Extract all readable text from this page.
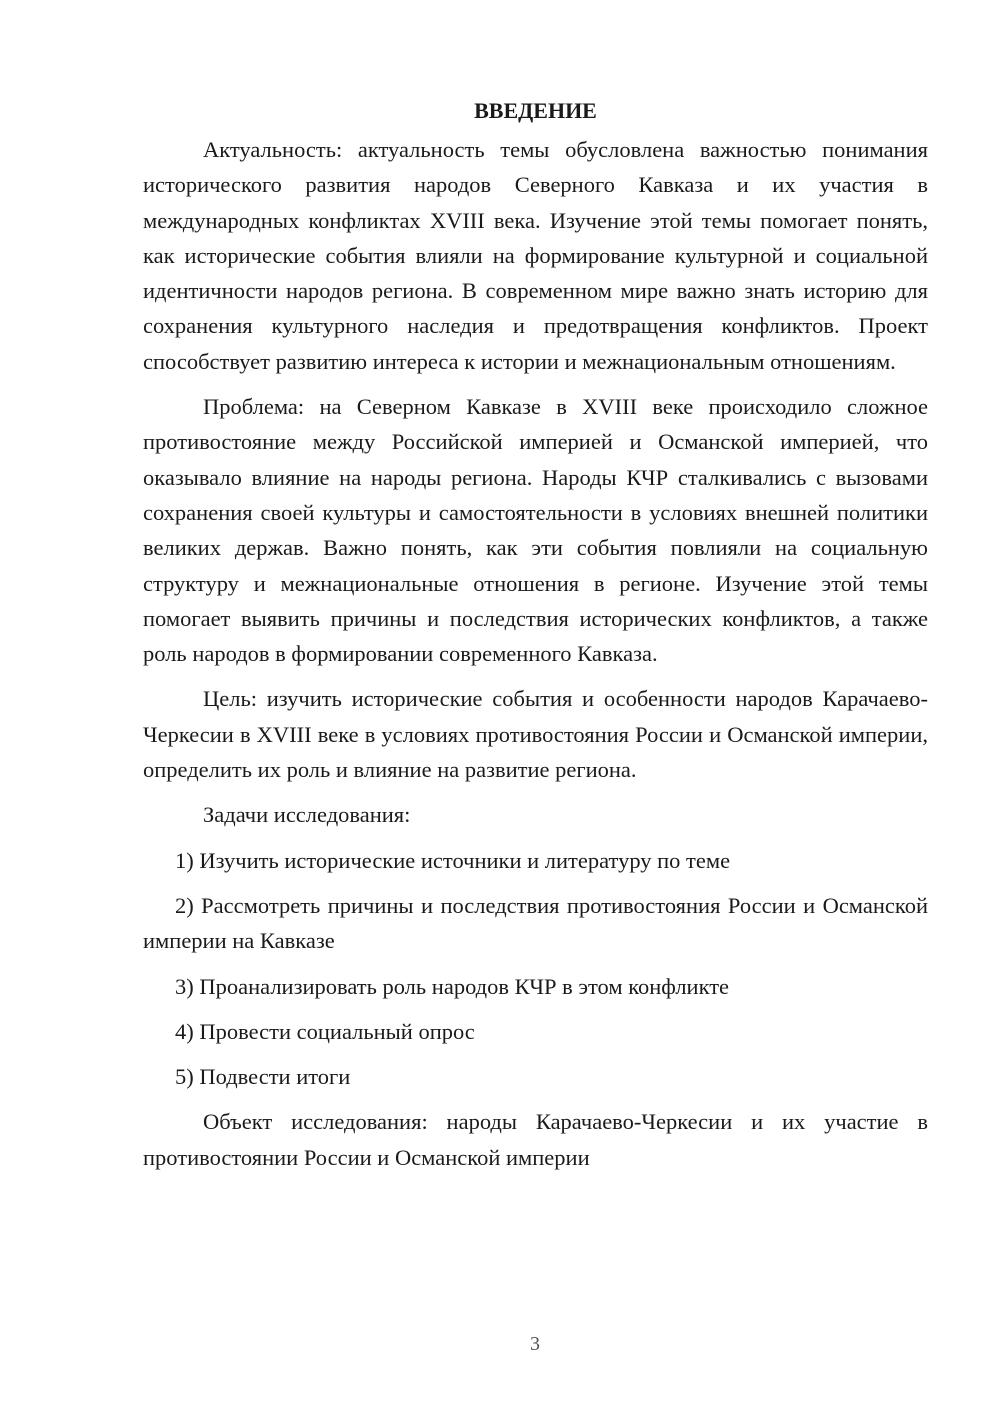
ВВЕДЕНИЕ

Актуальность: актуальность темы обусловлена важностью понимания исторического развития народов Северного Кавказа и их участия в международных конфликтах XVIII века. Изучение этой темы помогает понять, как исторические события влияли на формирование культурной и социальной идентичности народов региона. В современном мире важно знать историю для сохранения культурного наследия и предотвращения конфликтов. Проект способствует развитию интереса к истории и межнациональным отношениям.

Проблема: на Северном Кавказе в XVIII веке происходило сложное противостояние между Российской империей и Османской империей, что оказывало влияние на народы региона. Народы КЧР сталкивались с вызовами сохранения своей культуры и самостоятельности в условиях внешней политики великих держав. Важно понять, как эти события повлияли на социальную структуру и межнациональные отношения в регионе. Изучение этой темы помогает выявить причины и последствия исторических конфликтов, а также роль народов в формировании современного Кавказа.

Цель: изучить исторические события и особенности народов Карачаево-Черкесии в XVIII веке в условиях противостояния России и Османской империи, определить их роль и влияние на развитие региона.

Задачи исследования:

1) Изучить исторические источники и литературу по теме

2) Рассмотреть причины и последствия противостояния России и Османской империи на Кавказе

3) Проанализировать роль народов КЧР в этом конфликте

4) Провести социальный опрос

5) Подвести итоги

Объект исследования: народы Карачаево-Черкесии и их участие в противостоянии России и Османской империи

3
